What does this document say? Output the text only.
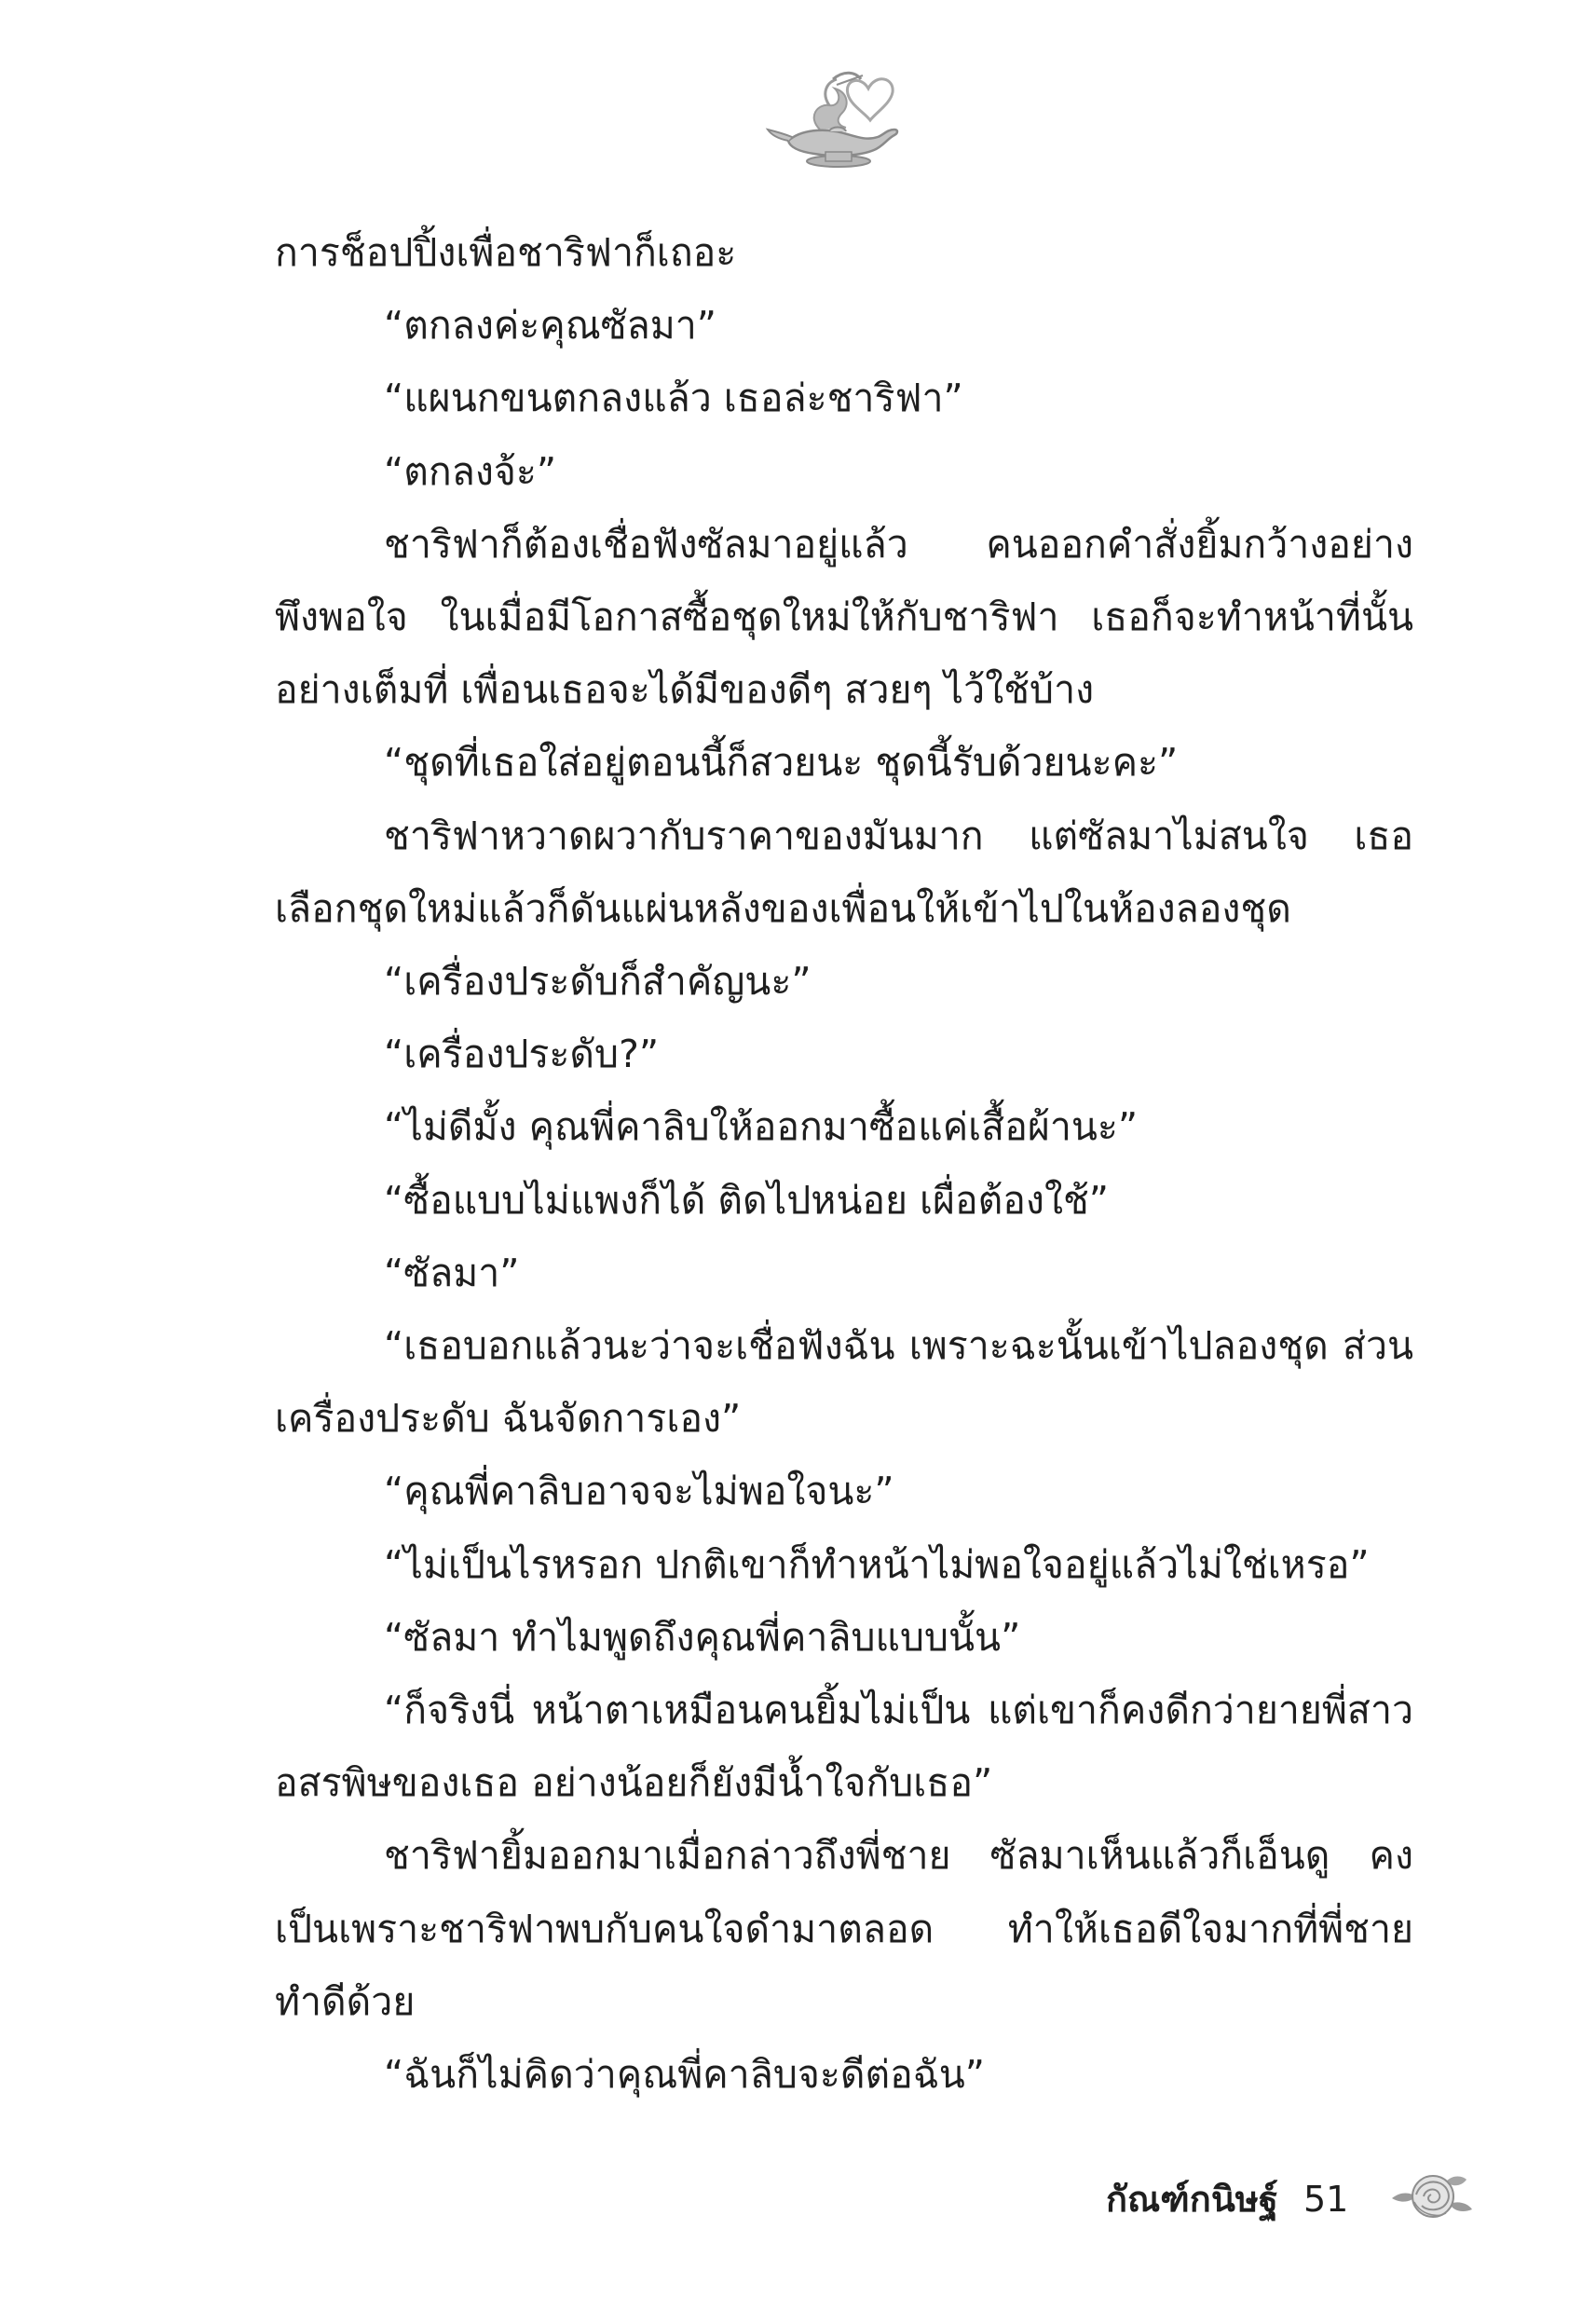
การช็อปปิ้งเพื่อชาริฟาก็เถอะ

“ตกลงค่ะคุณซัลมา”

“แผนกขนตกลงแล้ว เธอล่ะชาริฟา”

“ตกลงจ้ะ”

ชาริฟาก็ต้องเชื่อฟังซัลมาอยู่แล้ว คนออกคำสั่งยิ้มกว้างอย่าง

พึงพอใจ ในเมื่อมีโอกาสซื้อชุดใหม่ให้กับชาริฟา เธอก็จะทำหน้าที่นั้น

อย่างเต็มที่ เพื่อนเธอจะได้มีของดีๆ สวยๆ ไว้ใช้บ้าง

“ชุดที่เธอใส่อยู่ตอนนี้ก็สวยนะ ชุดนี้รับด้วยนะคะ”

ชาริฟาหวาดผวากับราคาของมันมาก แต่ซัลมาไม่สนใจ เธอ

เลือกชุดใหม่แล้วก็ดันแผ่นหลังของเพื่อนให้เข้าไปในห้องลองชุด

“เครื่องประดับก็สำคัญนะ”

“เครื่องประดับ?”

“ไม่ดีมั้ง คุณพี่คาลิบให้ออกมาซื้อแค่เสื้อผ้านะ”

“ซื้อแบบไม่แพงก็ได้ ติดไปหน่อย เผื่อต้องใช้”

“ซัลมา”

“เธอบอกแล้วนะว่าจะเชื่อฟังฉัน เพราะฉะนั้นเข้าไปลองชุด ส่วน

เครื่องประดับ ฉันจัดการเอง”

“คุณพี่คาลิบอาจจะไม่พอใจนะ”

“ไม่เป็นไรหรอก ปกติเขาก็ทำหน้าไม่พอใจอยู่แล้วไม่ใช่เหรอ”

“ซัลมา ทำไมพูดถึงคุณพี่คาลิบแบบนั้น”

“ก็จริงนี่ หน้าตาเหมือนคนยิ้มไม่เป็น แต่เขาก็คงดีกว่ายายพี่สาว

อสรพิษของเธอ อย่างน้อยก็ยังมีน้ำใจกับเธอ”

ชาริฟายิ้มออกมาเมื่อกล่าวถึงพี่ชาย ซัลมาเห็นแล้วก็เอ็นดู คง

เป็นเพราะชาริฟาพบกับคนใจดำมาตลอด ทำให้เธอดีใจมากที่พี่ชาย

ทำดีด้วย

“ฉันก็ไม่คิดว่าคุณพี่คาลิบจะดีต่อฉัน”

กัณฑ์กนิษฐ์ 51
